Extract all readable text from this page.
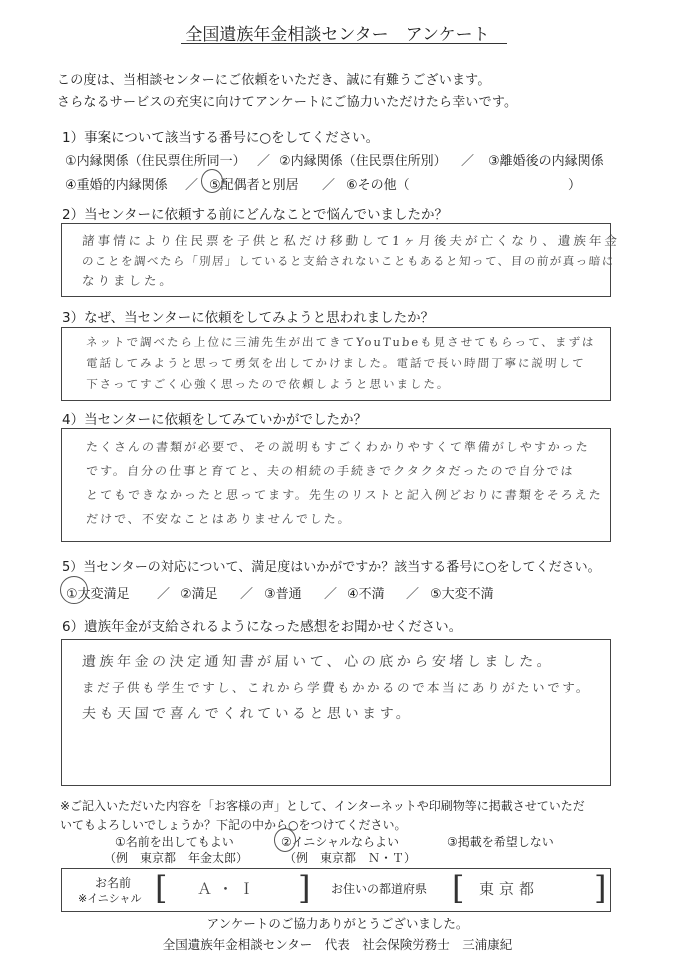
全国遺族年金相談センター　アンケート
この度は、当相談センターにご依頼をいただき、誠に有難うございます。
さらなるサービスの充実に向けてアンケートにご協力いただけたら幸いです。
1）事案について該当する番号に○をしてください。
①内縁関係（住民票住所同一） ／ ②内縁関係（住民票住所別） ／ ③離婚後の内縁関係
④重婚的内縁関係 ／ ⑤配偶者と別居 ／ ⑥その他（	）
2）当センターに依頼する前にどんなことで悩んでいましたか？
諸事情により住民票を子供と私だけ移動して1ヶ月後夫が亡くなり、遺族年金
のことを調べたら「別居」していると支給されないこともあると知って、目の前が真っ暗に
なりました。
3）なぜ、当センターに依頼をしてみようと思われましたか？
ネットで調べたら上位に三浦先生が出てきてYouTubeも見させてもらって、まずは
電話してみようと思って勇気を出してかけました。電話で長い時間丁寧に説明して
下さってすごく心強く思ったので依頼しようと思いました。
4）当センターに依頼をしてみていかがでしたか？
たくさんの書類が必要で、その説明もすごくわかりやすくて準備がしやすかった
です。自分の仕事と育てと、夫の相続の手続きでクタクタだったので自分では
とてもできなかったと思ってます。先生のリストと記入例どおりに書類をそろえた
だけで、不安なことはありませんでした。
5）当センターの対応について、満足度はいかがですか？該当する番号に○をしてください。
①大変満足 ／ ②満足 ／ ③普通 ／ ④不満 ／ ⑤大変不満
6）遺族年金が支給されるようになった感想をお聞かせください。
遺族年金の決定通知書が届いて、心の底から安堵しました。
まだ子供も学生ですし、これから学費もかかるので本当にありがたいです。
夫も天国で喜んでくれていると思います。
※ご記入いただいた内容を「お客様の声」として、インターネットや印刷物等に掲載させていただ
いてもよろしいでしょうか？下記の中から○をつけてください。
①名前を出してもよい
（例　東京都　年金太郎）
②イニシャルならよい
（例　東京都　Ｎ・Ｔ）
③掲載を希望しない
お名前
※イニシャル [ Ａ・Ｉ	] お住いの都道府県 [ 東京都	]
アンケートのご協力ありがとうございました。
全国遺族年金相談センター　代表　社会保険労務士　三浦康紀
